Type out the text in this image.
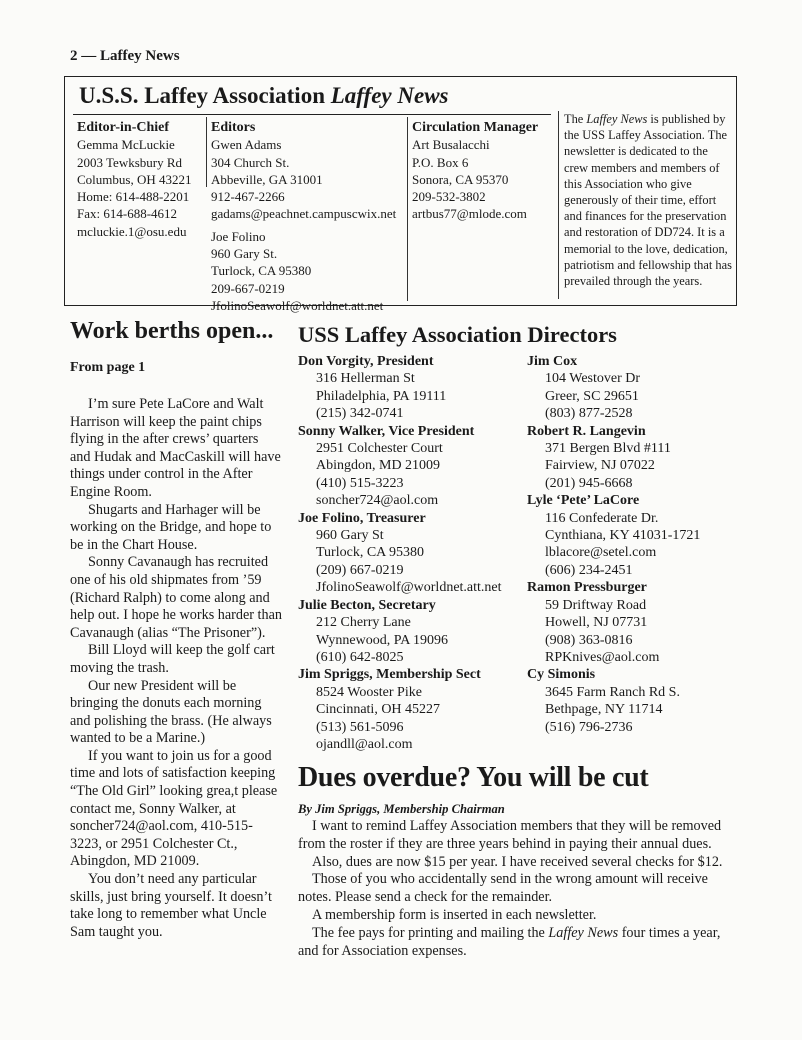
2 — Laffey News
U.S.S. Laffey Association Laffey News
Editor-in-Chief
Gemma McLuckie
2003 Tewksbury Rd
Columbus, OH 43221
Home: 614-488-2201
Fax: 614-688-4612
mcluckie.1@osu.edu
Editors
Gwen Adams
304 Church St.
Abbeville, GA 31001
912-467-2266
gadams@peachnet.campuscwix.net
Joe Folino
960 Gary St.
Turlock, CA 95380
209-667-0219
JfolinoSeawolf@worldnet.att.net
Circulation Manager
Art Busalacchi
P.O. Box 6
Sonora, CA 95370
209-532-3802
artbus77@mlode.com
The Laffey News is published by the USS Laffey Association. The newsletter is dedicated to the crew members and members of this Association who give generously of their time, effort and finances for the preservation and restoration of DD724. It is a memorial to the love, dedication, patriotism and fellowship that has prevailed through the years.
Work berths open...
From page 1

I’m sure Pete LaCore and Walt Harrison will keep the paint chips flying in the after crews’ quarters and Hudak and MacCaskill will have things under control in the After Engine Room.

Shugarts and Harhager will be working on the Bridge, and hope to be in the Chart House.

Sonny Cavanaugh has recruited one of his old shipmates from ’59 (Richard Ralph) to come along and help out. I hope he works harder than Cavanaugh (alias “The Prisoner”).

Bill Lloyd will keep the golf cart moving the trash.

Our new President will be bringing the donuts each morning and polishing the brass. (He always wanted to be a Marine.)

If you want to join us for a good time and lots of satisfaction keeping “The Old Girl” looking grea,t please contact me, Sonny Walker, at soncher724@aol.com, 410-515-3223, or 2951 Colchester Ct., Abingdon, MD 21009.

You don’t need any particular skills, just bring yourself. It doesn’t take long to remember what Uncle Sam taught you.

USS Laffey Association Directors
Don Vorgity, President
316 Hellerman St
Philadelphia, PA 19111
(215) 342-0741
Sonny Walker, Vice President
2951 Colchester Court
Abingdon, MD 21009
(410) 515-3223
soncher724@aol.com
Joe Folino, Treasurer
960 Gary St
Turlock, CA 95380
(209) 667-0219
JfolinoSeawolf@worldnet.att.net
Julie Becton, Secretary
212 Cherry Lane
Wynnewood, PA 19096
(610) 642-8025
Jim Spriggs, Membership Sect
8524 Wooster Pike
Cincinnati, OH 45227
(513) 561-5096
ojandll@aol.com
Jim Cox
104 Westover Dr
Greer, SC 29651
(803) 877-2528
Robert R. Langevin
371 Bergen Blvd #111
Fairview, NJ 07022
(201) 945-6668
Lyle ‘Pete’ LaCore
116 Confederate Dr.
Cynthiana, KY 41031-1721
lblacore@setel.com
(606) 234-2451
Ramon Pressburger
59 Driftway Road
Howell, NJ 07731
(908) 363-0816
RPKnives@aol.com
Cy Simonis
3645 Farm Ranch Rd S.
Bethpage, NY 11714
(516) 796-2736
Dues overdue? You will be cut
By Jim Spriggs, Membership Chairman

I want to remind Laffey Association members that they will be removed from the roster if they are three years behind in paying their annual dues.

Also, dues are now $15 per year. I have received several checks for $12.

Those of you who accidentally send in the wrong amount will receive notes. Please send a check for the remainder.

A membership form is inserted in each newsletter.

The fee pays for printing and mailing the Laffey News four times a year, and for Association expenses.
